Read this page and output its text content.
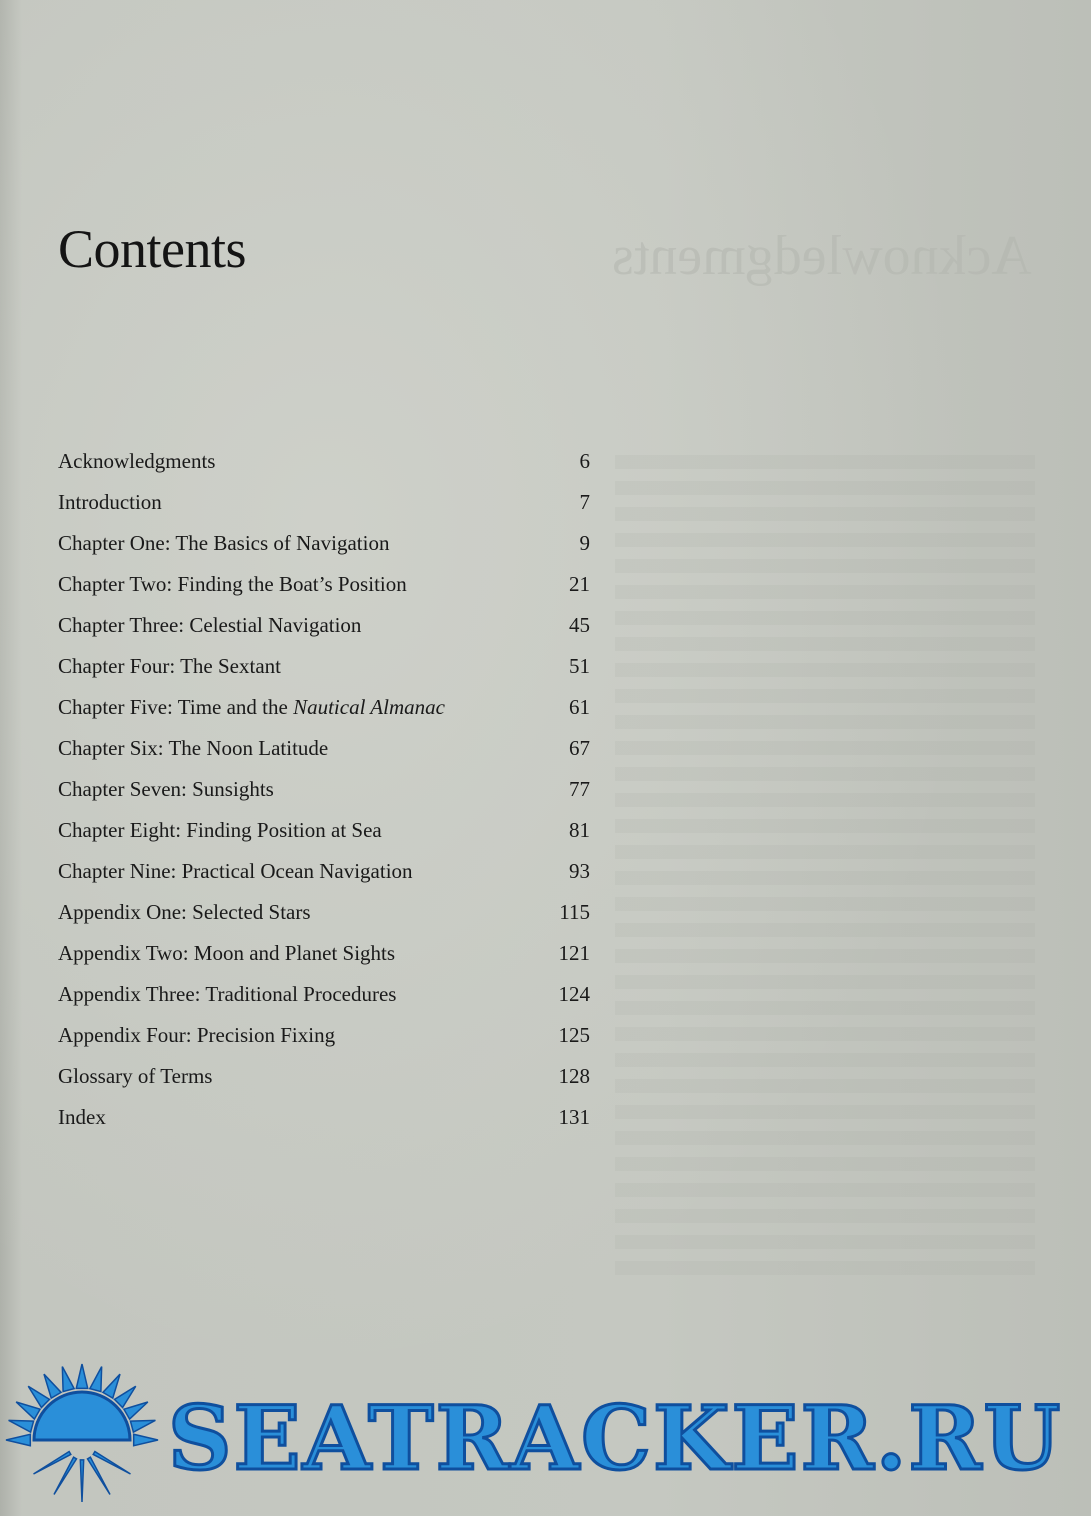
Acknowledgments
Contents
Acknowledgments	6
Introduction	7
Chapter One: The Basics of Navigation	9
Chapter Two: Finding the Boat’s Position	21
Chapter Three: Celestial Navigation	45
Chapter Four: The Sextant	51
Chapter Five: Time and the Nautical Almanac	61
Chapter Six: The Noon Latitude	67
Chapter Seven: Sunsights	77
Chapter Eight: Finding Position at Sea	81
Chapter Nine: Practical Ocean Navigation	93
Appendix One: Selected Stars	115
Appendix Two: Moon and Planet Sights	121
Appendix Three: Traditional Procedures	124
Appendix Four: Precision Fixing	125
Glossary of Terms	128
Index	131
SEATRACKER.RU
